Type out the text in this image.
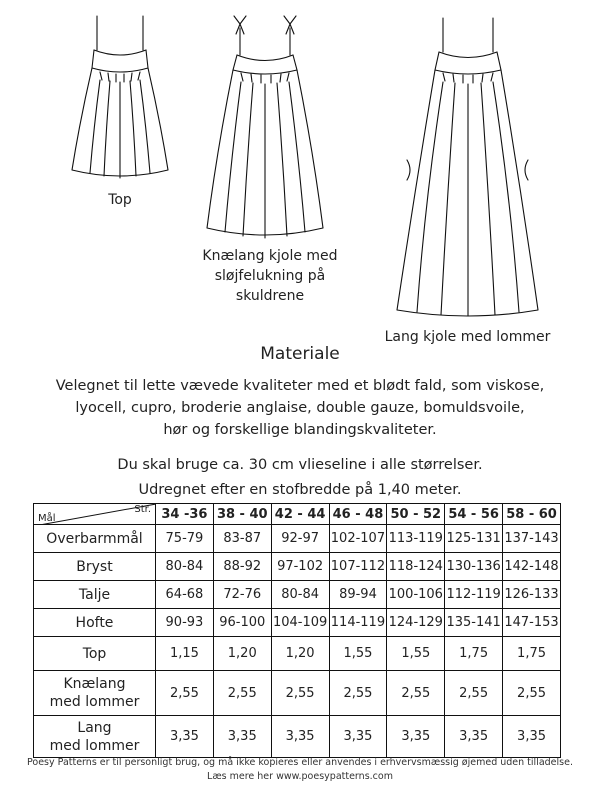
Top
Knælang kjole med
sløjfelukning på
skuldrene
Lang kjole med lommer
Materiale
Velegnet til lette vævede kvaliteter med et blødt fald, som viskose,
lyocell, cupro, broderie anglaise, double gauze, bomuldsvoile,
hør og forskellige blandingskvaliteter.
Du skal bruge ca. 30 cm vlieseline i alle størrelser.
Udregnet efter en stofbredde på 1,40 meter.
Str.
Mål	34 -36	38 - 40	42 - 44	46 - 48	50 - 52	54 - 56	58 - 60
Overbarmmål	75-79	83-87	92-97	102-107	113-119	125-131	137-143
Bryst	80-84	88-92	97-102	107-112	118-124	130-136	142-148
Talje	64-68	72-76	80-84	89-94	100-106	112-119	126-133
Hofte	90-93	96-100	104-109	114-119	124-129	135-141	147-153
Top	1,15	1,20	1,20	1,55	1,55	1,75	1,75

Knælang
med lommer	2,55	2,55	2,55	2,55	2,55	2,55	2,55

Lang
med lommer	3,35	3,35	3,35	3,35	3,35	3,35	3,35
Poesy Patterns er til personligt brug, og må ikke kopieres eller anvendes i erhvervsmæssig øjemed uden tilladelse.
Læs mere her www.poesypatterns.com
